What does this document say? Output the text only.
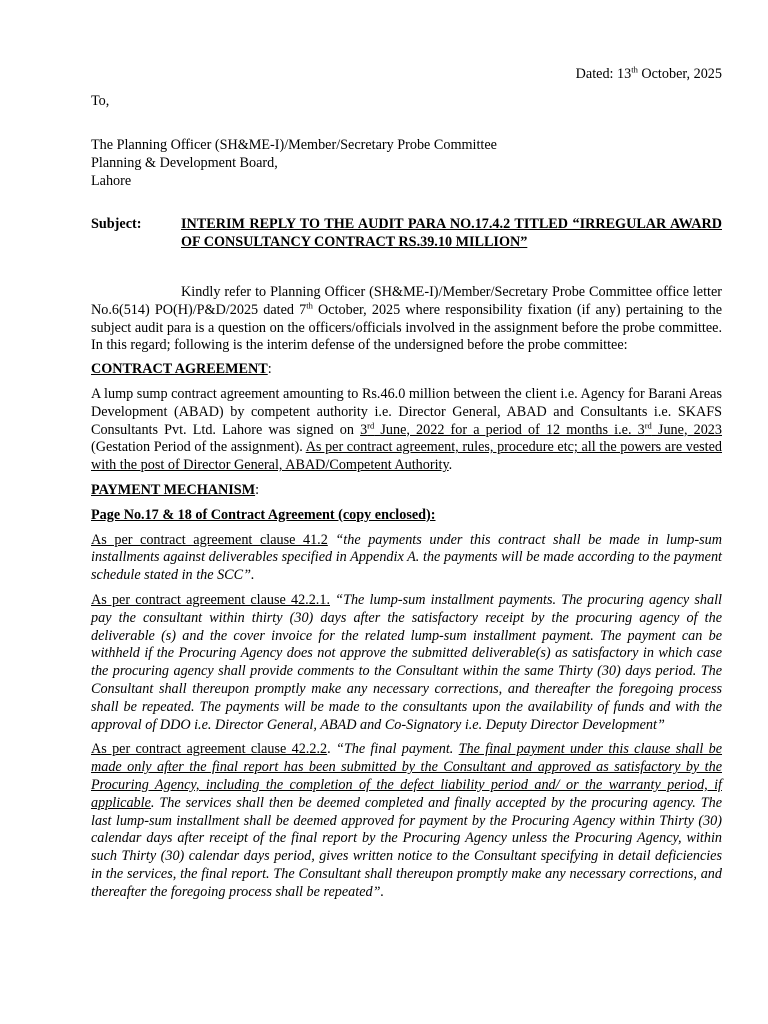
Dated: 13th October, 2025
To,
The Planning Officer (SH&ME-I)/Member/Secretary Probe Committee
Planning & Development Board,
Lahore
Subject:	INTERIM REPLY TO THE AUDIT PARA NO.17.4.2 TITLED “IRREGULAR AWARD OF CONSULTANCY CONTRACT RS.39.10 MILLION”

Kindly refer to Planning Officer (SH&ME-I)/Member/Secretary Probe Committee office letter No.6(514) PO(H)/P&D/2025 dated 7th October, 2025 where responsibility fixation (if any) pertaining to the subject audit para is a question on the officers/officials involved in the assignment before the probe committee. In this regard; following is the interim defense of the undersigned before the probe committee:

CONTRACT AGREEMENT:

A lump sump contract agreement amounting to Rs.46.0 million between the client i.e. Agency for Barani Areas Development (ABAD) by competent authority i.e. Director General, ABAD and Consultants i.e. SKAFS Consultants Pvt. Ltd. Lahore was signed on 3rd June, 2022 for a period of 12 months i.e. 3rd June, 2023 (Gestation Period of the assignment). As per contract agreement, rules, procedure etc; all the powers are vested with the post of Director General, ABAD/Competent Authority.

PAYMENT MECHANISM:

Page No.17 & 18 of Contract Agreement (copy enclosed):

As per contract agreement clause 41.2 “the payments under this contract shall be made in lump-sum installments against deliverables specified in Appendix A. the payments will be made according to the payment schedule stated in the SCC”.

As per contract agreement clause 42.2.1. “The lump-sum installment payments. The procuring agency shall pay the consultant within thirty (30) days after the satisfactory receipt by the procuring agency of the deliverable (s) and the cover invoice for the related lump-sum installment payment. The payment can be withheld if the Procuring Agency does not approve the submitted deliverable(s) as satisfactory in which case the procuring agency shall provide comments to the Consultant within the same Thirty (30) days period. The Consultant shall thereupon promptly make any necessary corrections, and thereafter the foregoing process shall be repeated. The payments will be made to the consultants upon the availability of funds and with the approval of DDO i.e. Director General, ABAD and Co-Signatory i.e. Deputy Director Development”

As per contract agreement clause 42.2.2. “The final payment. The final payment under this clause shall be made only after the final report has been submitted by the Consultant and approved as satisfactory by the Procuring Agency, including the completion of the defect liability period and/ or the warranty period, if applicable. The services shall then be deemed completed and finally accepted by the procuring agency. The last lump-sum installment shall be deemed approved for payment by the Procuring Agency within Thirty (30) calendar days after receipt of the final report by the Procuring Agency unless the Procuring Agency, within such Thirty (30) calendar days period, gives written notice to the Consultant specifying in detail deficiencies in the services, the final report. The Consultant shall thereupon promptly make any necessary corrections, and thereafter the foregoing process shall be repeated”.
